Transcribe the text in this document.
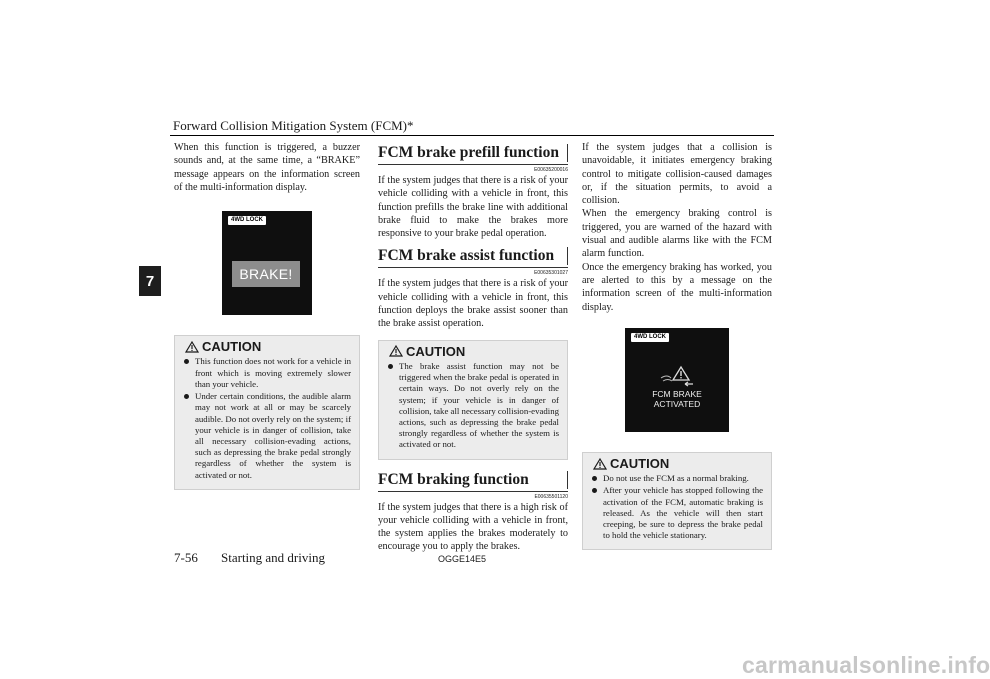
Forward Collision Mitigation System (FCM)*
7

When this function is triggered, a buzzer sounds and, at the same time, a “BRAKE” message appears on the information screen of the multi-information display.

4WD LOCK
BRAKE!
CAUTION
This function does not work for a vehicle in front which is moving extremely slower than your vehicle.
Under certain conditions, the audible alarm may not work at all or may be scarcely audible. Do not overly rely on the system; if your vehicle is in danger of collision, take all necessary collision-evading actions, such as depressing the brake pedal strongly regardless of whether the system is activated or not.
FCM brake prefill function
E00635200016

If the system judges that there is a risk of your vehicle colliding with a vehicle in front, this function prefills the brake line with additional brake fluid to make the brakes more responsive to your brake pedal operation.

FCM brake assist function
E00635301027

If the system judges that there is a risk of your vehicle colliding with a vehicle in front, this function deploys the brake assist sooner than the brake assist operation.

CAUTION
The brake assist function may not be triggered when the brake pedal is operated in certain ways. Do not overly rely on the system; if your vehicle is in danger of collision, take all necessary collision-evading actions, such as depressing the brake pedal strongly regardless of whether the system is activated or not.
FCM braking function
E00635501120

If the system judges that there is a high risk of your vehicle colliding with a vehicle in front, the system applies the brakes moderately to encourage you to apply the brakes.

If the system judges that a collision is unavoidable, it initiates emergency braking control to mitigate collision-caused damages or, if the situation permits, to avoid a collision.

When the emergency braking control is triggered, you are warned of the hazard with visual and audible alarms like with the FCM alarm function.

Once the emergency braking has worked, you are alerted to this by a message on the information screen of the multi-information display.

4WD LOCK
FCM BRAKE
ACTIVATED
CAUTION
Do not use the FCM as a normal braking.
After your vehicle has stopped following the activation of the FCM, automatic braking is released. As the vehicle will then start creeping, be sure to depress the brake pedal to hold the vehicle stationary.
7-56 Starting and driving	OGGE14E5
carmanualsonline.info
